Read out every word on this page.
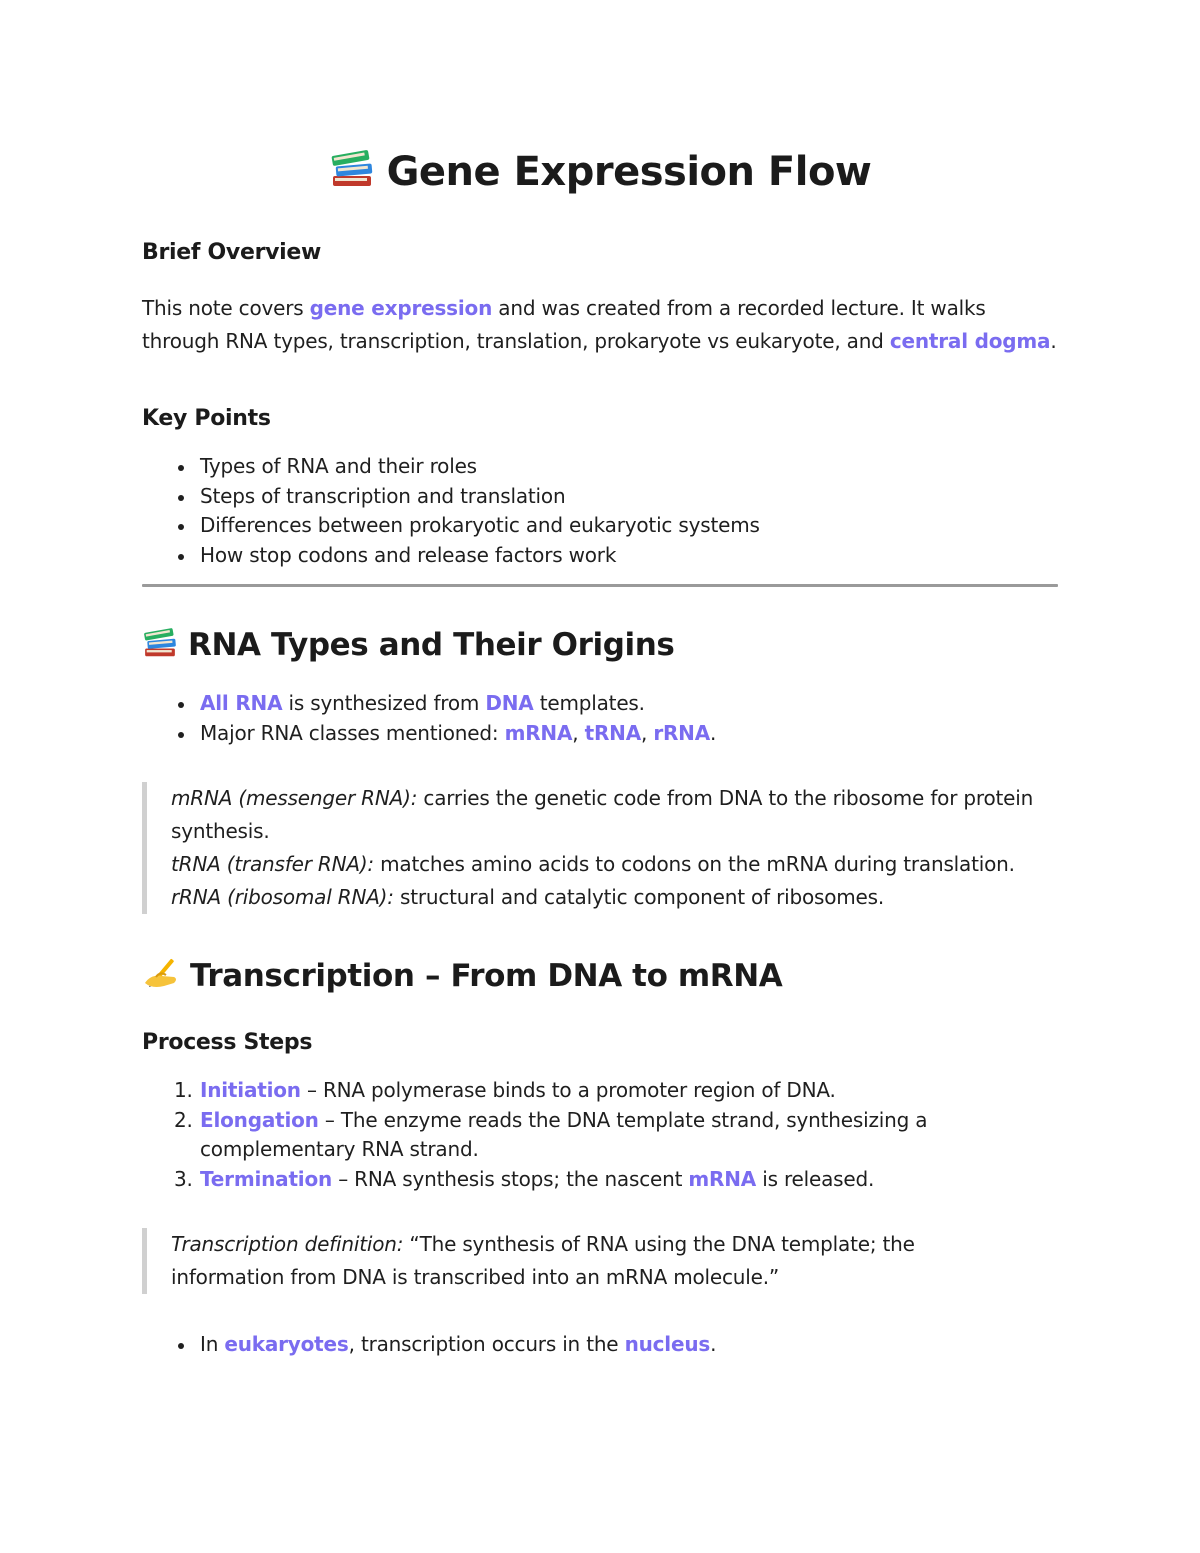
Gene Expression Flow
Brief Overview

This note covers gene expression and was created from a recorded lecture. It walks through RNA types, transcription, translation, prokaryote vs eukaryote, and central dogma.

Key Points
Types of RNA and their roles
Steps of transcription and translation
Differences between prokaryotic and eukaryotic systems
How stop codons and release factors work
RNA Types and Their Origins
All RNA is synthesized from DNA templates.
Major RNA classes mentioned: mRNA, tRNA, rRNA.
mRNA (messenger RNA): carries the genetic code from DNA to the ribosome for protein synthesis.
tRNA (transfer RNA): matches amino acids to codons on the mRNA during translation.
rRNA (ribosomal RNA): structural and catalytic component of ribosomes.
Transcription – From DNA to mRNA
Process Steps
Initiation – RNA polymerase binds to a promoter region of DNA.
Elongation – The enzyme reads the DNA template strand, synthesizing a complementary RNA strand.
Termination – RNA synthesis stops; the nascent mRNA is released.
Transcription definition: “The synthesis of RNA using the DNA template; the information from DNA is transcribed into an mRNA molecule.”
In eukaryotes, transcription occurs in the nucleus.
